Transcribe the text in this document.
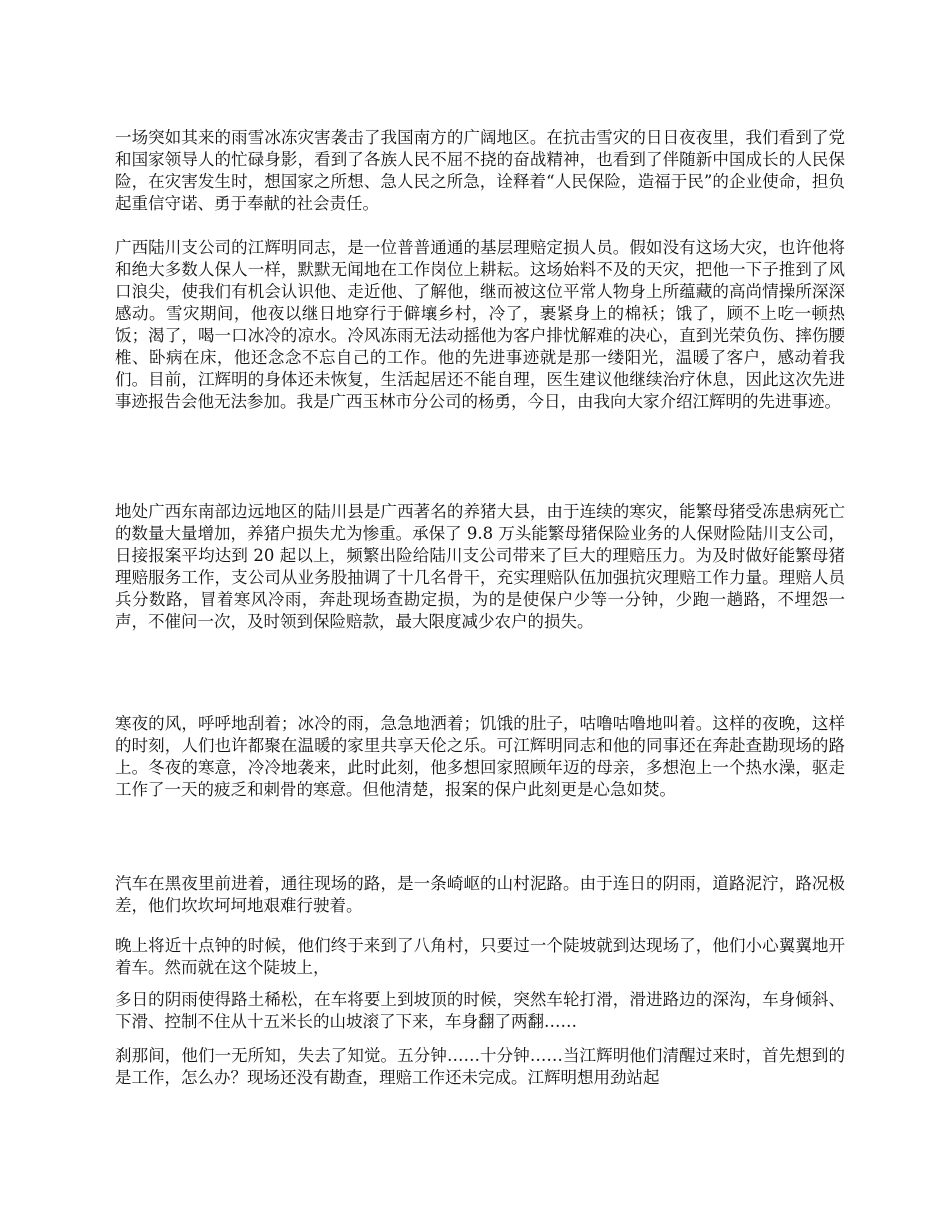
一场突如其来的雨雪冰冻灾害袭击了我国南方的广阔地区。在抗击雪灾的日日夜夜里，我们看到了党和国家领导人的忙碌身影，看到了各族人民不屈不挠的奋战精神，也看到了伴随新中国成长的人民保险，在灾害发生时，想国家之所想、急人民之所急，诠释着“人民保险，造福于民”的企业使命，担负起重信守诺、勇于奉献的社会责任。

广西陆川支公司的江辉明同志，是一位普普通通的基层理赔定损人员。假如没有这场大灾，也许他将和绝大多数人保人一样，默默无闻地在工作岗位上耕耘。这场始料不及的天灾，把他一下子推到了风口浪尖，使我们有机会认识他、走近他、了解他，继而被这位平常人物身上所蕴藏的高尚情操所深深感动。雪灾期间，他夜以继日地穿行于僻壤乡村，冷了，裹紧身上的棉袄；饿了，顾不上吃一顿热饭；渴了，喝一口冰冷的凉水。冷风冻雨无法动摇他为客户排忧解难的决心，直到光荣负伤、摔伤腰椎、卧病在床，他还念念不忘自己的工作。他的先进事迹就是那一缕阳光，温暖了客户，感动着我们。目前，江辉明的身体还未恢复，生活起居还不能自理，医生建议他继续治疗休息，因此这次先进事迹报告会他无法参加。我是广西玉林市分公司的杨勇，今日，由我向大家介绍江辉明的先进事迹。

地处广西东南部边远地区的陆川县是广西著名的养猪大县，由于连续的寒灾，能繁母猪受冻患病死亡的数量大量增加，养猪户损失尤为惨重。承保了 9.8 万头能繁母猪保险业务的人保财险陆川支公司，日接报案平均达到 20 起以上，频繁出险给陆川支公司带来了巨大的理赔压力。为及时做好能繁母猪理赔服务工作，支公司从业务股抽调了十几名骨干，充实理赔队伍加强抗灾理赔工作力量。理赔人员兵分数路，冒着寒风冷雨，奔赴现场查勘定损，为的是使保户少等一分钟，少跑一趟路，不埋怨一声，不催问一次，及时领到保险赔款，最大限度减少农户的损失。

寒夜的风，呼呼地刮着；冰冷的雨，急急地洒着；饥饿的肚子，咕噜咕噜地叫着。这样的夜晚，这样的时刻，人们也许都聚在温暖的家里共享天伦之乐。可江辉明同志和他的同事还在奔赴查勘现场的路上。冬夜的寒意，冷冷地袭来，此时此刻，他多想回家照顾年迈的母亲，多想泡上一个热水澡，驱走工作了一天的疲乏和刺骨的寒意。但他清楚，报案的保户此刻更是心急如焚。

汽车在黑夜里前进着，通往现场的路，是一条崎岖的山村泥路。由于连日的阴雨，道路泥泞，路况极差，他们坎坎坷坷地艰难行驶着。

晚上将近十点钟的时候，他们终于来到了八角村，只要过一个陡坡就到达现场了，他们小心翼翼地开着车。然而就在这个陡坡上，

多日的阴雨使得路土稀松，在车将要上到坡顶的时候，突然车轮打滑，滑进路边的深沟，车身倾斜、下滑、控制不住从十五米长的山坡滚了下来，车身翻了两翻……

刹那间，他们一无所知，失去了知觉。五分钟……十分钟……当江辉明他们清醒过来时，首先想到的是工作，怎么办？现场还没有勘查，理赔工作还未完成。江辉明想用劲站起
